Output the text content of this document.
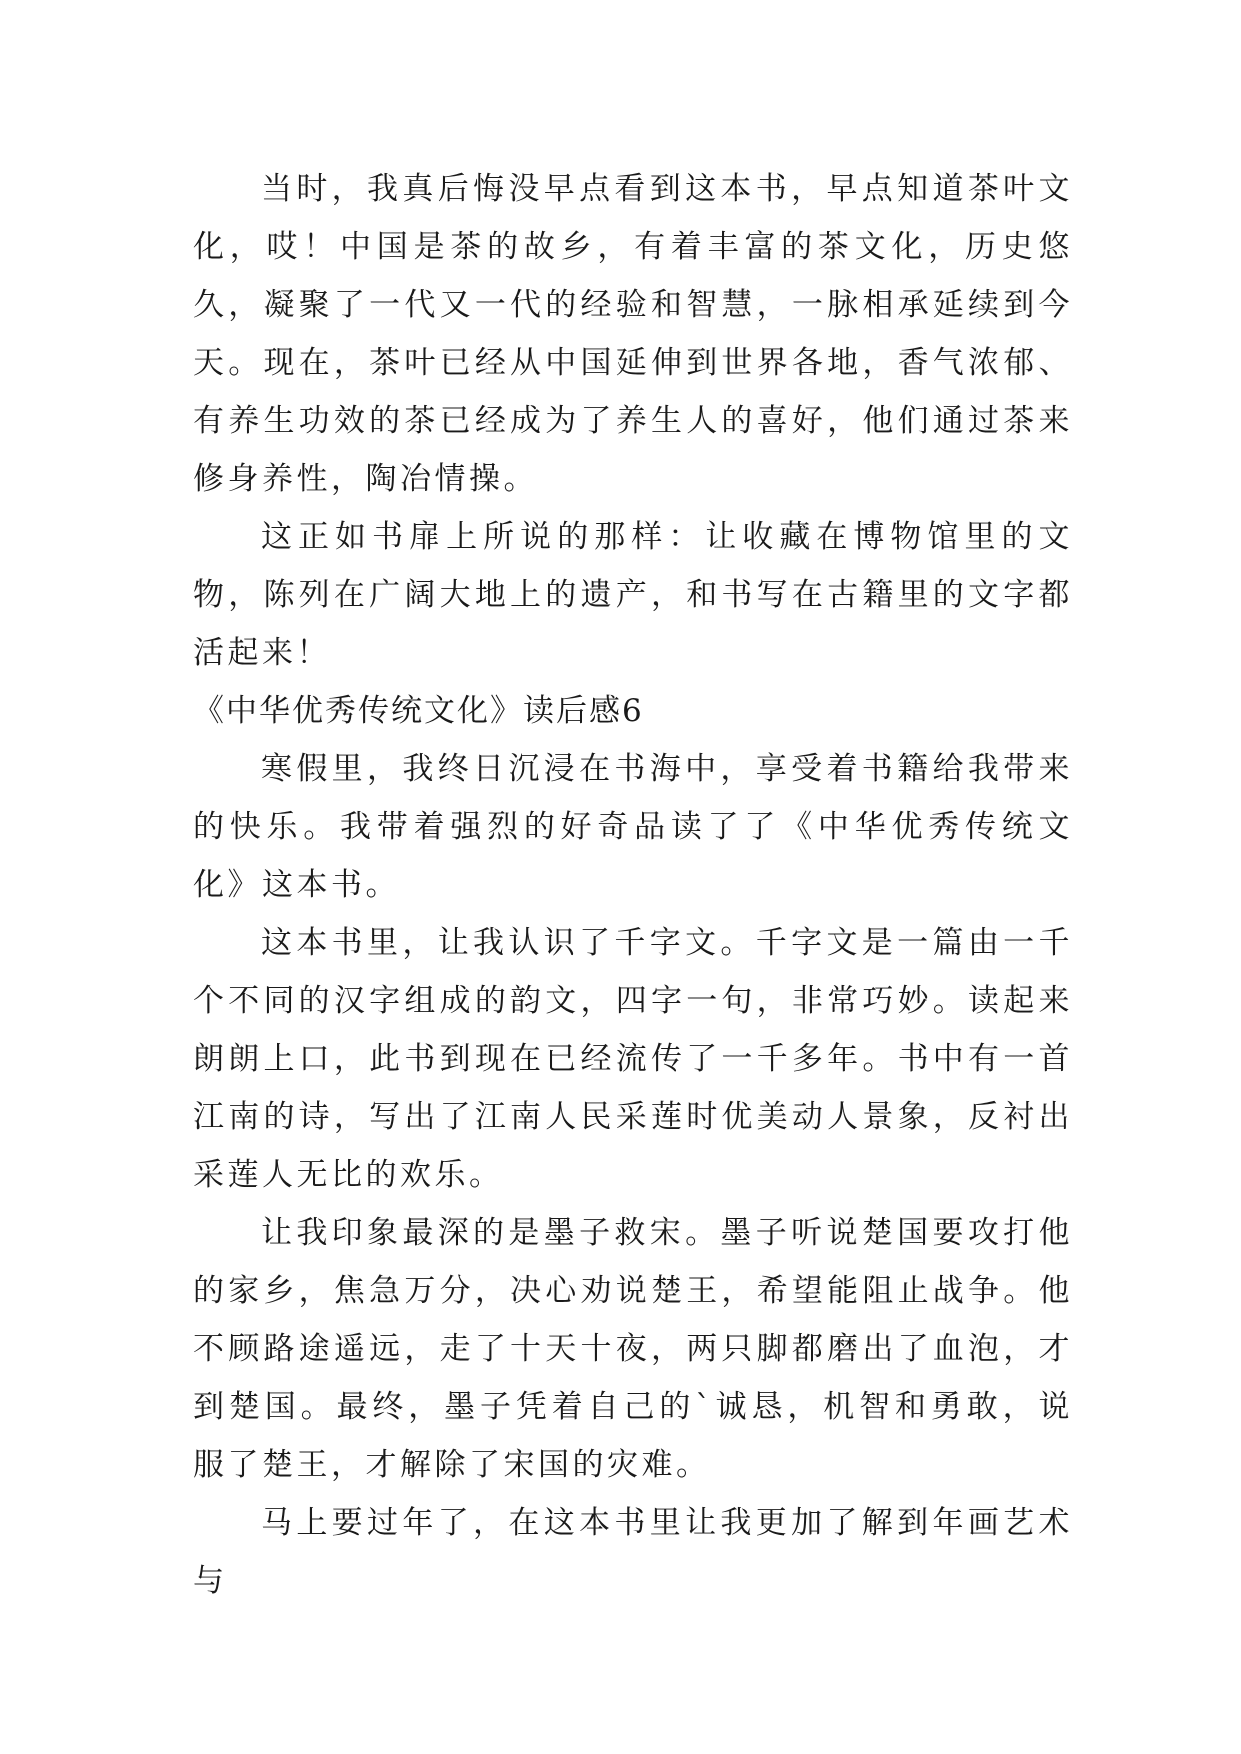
当时，我真后悔没早点看到这本书，早点知道茶叶文化，哎！中国是茶的故乡，有着丰富的茶文化，历史悠久，凝聚了一代又一代的经验和智慧，一脉相承延续到今天。现在，茶叶已经从中国延伸到世界各地，香气浓郁、有养生功效的茶已经成为了养生人的喜好，他们通过茶来修身养性，陶冶情操。

这正如书扉上所说的那样：让收藏在博物馆里的文物，陈列在广阔大地上的遗产，和书写在古籍里的文字都活起来！

《中华优秀传统文化》读后感6

寒假里，我终日沉浸在书海中，享受着书籍给我带来的快乐。我带着强烈的好奇品读了了《中华优秀传统文化》这本书。

这本书里，让我认识了千字文。千字文是一篇由一千个不同的汉字组成的韵文，四字一句，非常巧妙。读起来朗朗上口，此书到现在已经流传了一千多年。书中有一首江南的诗，写出了江南人民采莲时优美动人景象，反衬出采莲人无比的欢乐。

让我印象最深的是墨子救宋。墨子听说楚国要攻打他的家乡，焦急万分，决心劝说楚王，希望能阻止战争。他不顾路途遥远，走了十天十夜，两只脚都磨出了血泡，才到楚国。最终，墨子凭着自己的`诚恳，机智和勇敢，说服了楚王，才解除了宋国的灾难。

马上要过年了，在这本书里让我更加了解到年画艺术与
